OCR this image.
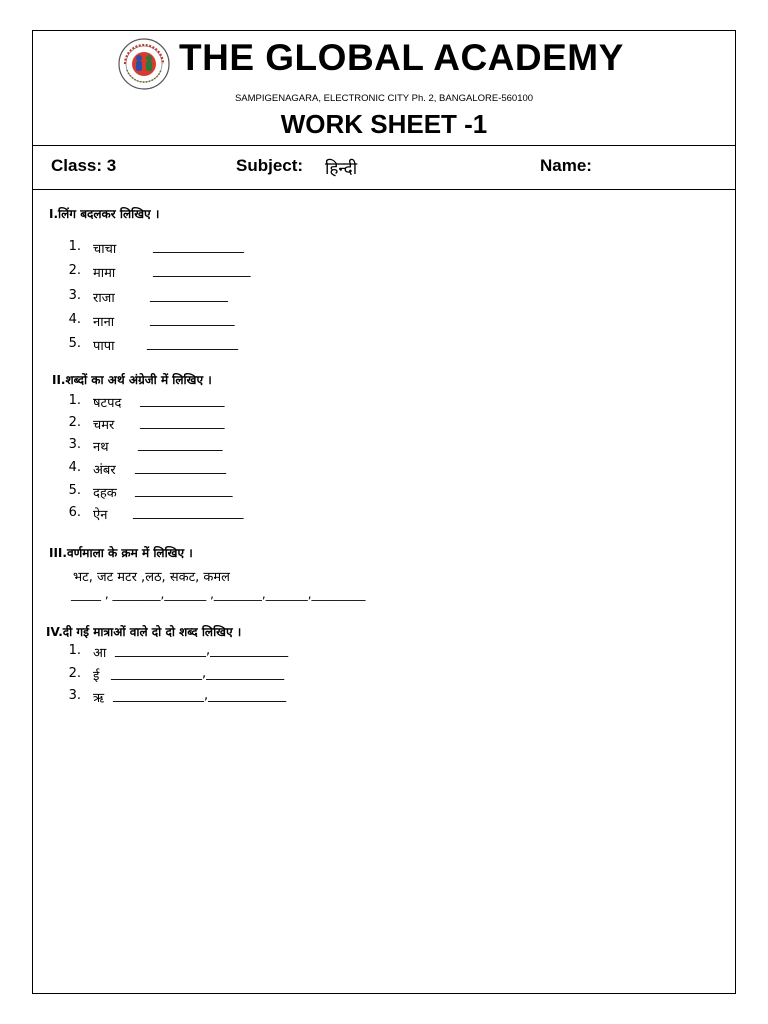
THE GLOBAL ACADEMY
SAMPIGENAGARA, ELECTRONIC CITY Ph. 2, BANGALORE-560100
WORK SHEET -1
Class: 3	Subject: हिन्दी	Name:
I.लिंग बदलकर लिखिए ।
1. चाचा	______________
2. मामा	_______________
3. राजा	____________
4. नाना	_____________
5. पापा ______________
II.शब्दों का अर्थ अंग्रेजी में लिखिए ।
1. षटपद _____________
2. चमर _____________
3. नथ _____________
4. अंबर ______________
5. दहक _______________
6. ऐन _________________
III.वर्णमाला के क्रम में लिखिए ।
भट, जट मटर ,लठ, सकट, कमल
_____ , ________,_______ ,________,_______,_________
IV.दी गई मात्राओं वाले दो दो शब्द लिखिए ।
1. आ ______________,____________
2. ई ______________,____________
3. ऋ ______________,____________
